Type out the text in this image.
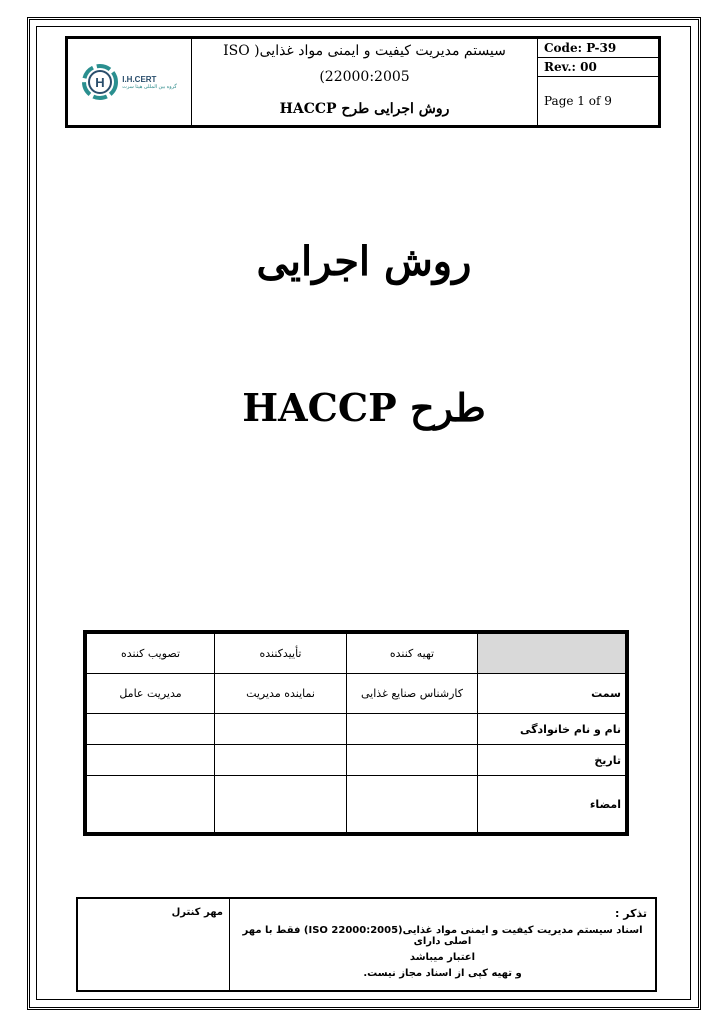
H I.H.CERT
گروه بین المللی هیتا سرت
سیستم مدیریت کیفیت و ایمنی مواد غذایی( ISO
(22000:2005
روش اجرایی طرح HACCP
Code: P-39
Rev.: 00
Page 1 of 9
روش اجرایی
طرح HACCP
	تهیه کننده	تأییدکننده	تصویب کننده
سمت	کارشناس صنایع غذایی	نماینده مدیریت	مدیریت عامل
نام و نام خانوادگی			
تاریخ			
امضاء			
تذکر :
اسناد سیستم مدیریت کیفیت و ایمنی مواد غذایی(ISO 22000:2005) فقط با مهر اصلی دارای
اعتبار میباشد
و تهیه کپی از اسناد مجاز نیست.
مهر کنترل
